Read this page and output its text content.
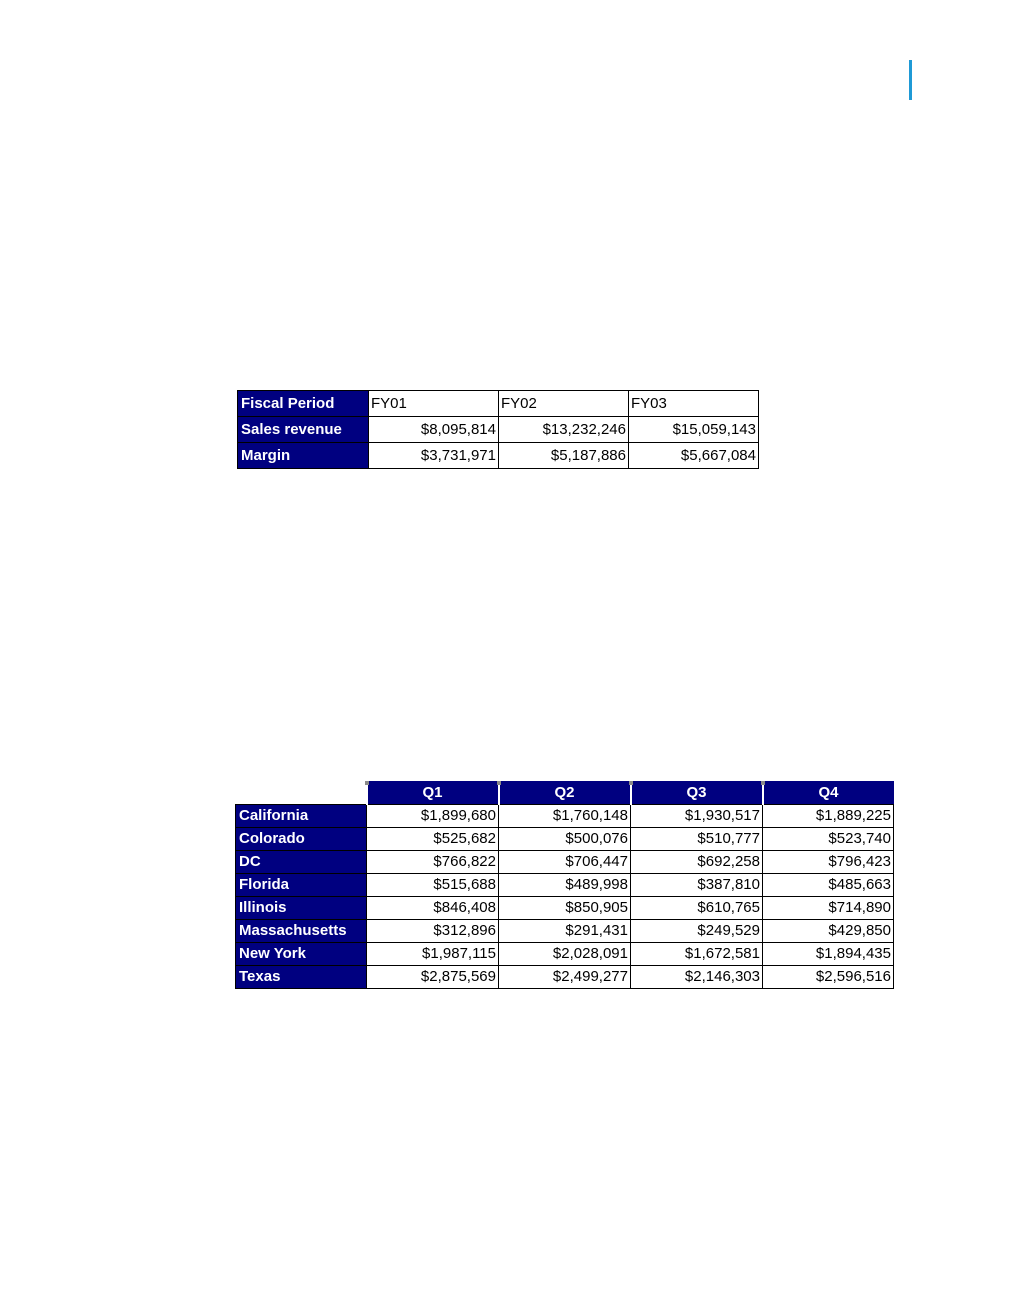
Fiscal Period	FY01	FY02	FY03
Sales revenue	$8,095,814	$13,232,246	$15,059,143
Margin	$3,731,971	$5,187,886	$5,667,084
	Q1	Q2	Q3	Q4
California	$1,899,680	$1,760,148	$1,930,517	$1,889,225
Colorado	$525,682	$500,076	$510,777	$523,740
DC	$766,822	$706,447	$692,258	$796,423
Florida	$515,688	$489,998	$387,810	$485,663
Illinois	$846,408	$850,905	$610,765	$714,890
Massachusetts	$312,896	$291,431	$249,529	$429,850
New York	$1,987,115	$2,028,091	$1,672,581	$1,894,435
Texas	$2,875,569	$2,499,277	$2,146,303	$2,596,516
